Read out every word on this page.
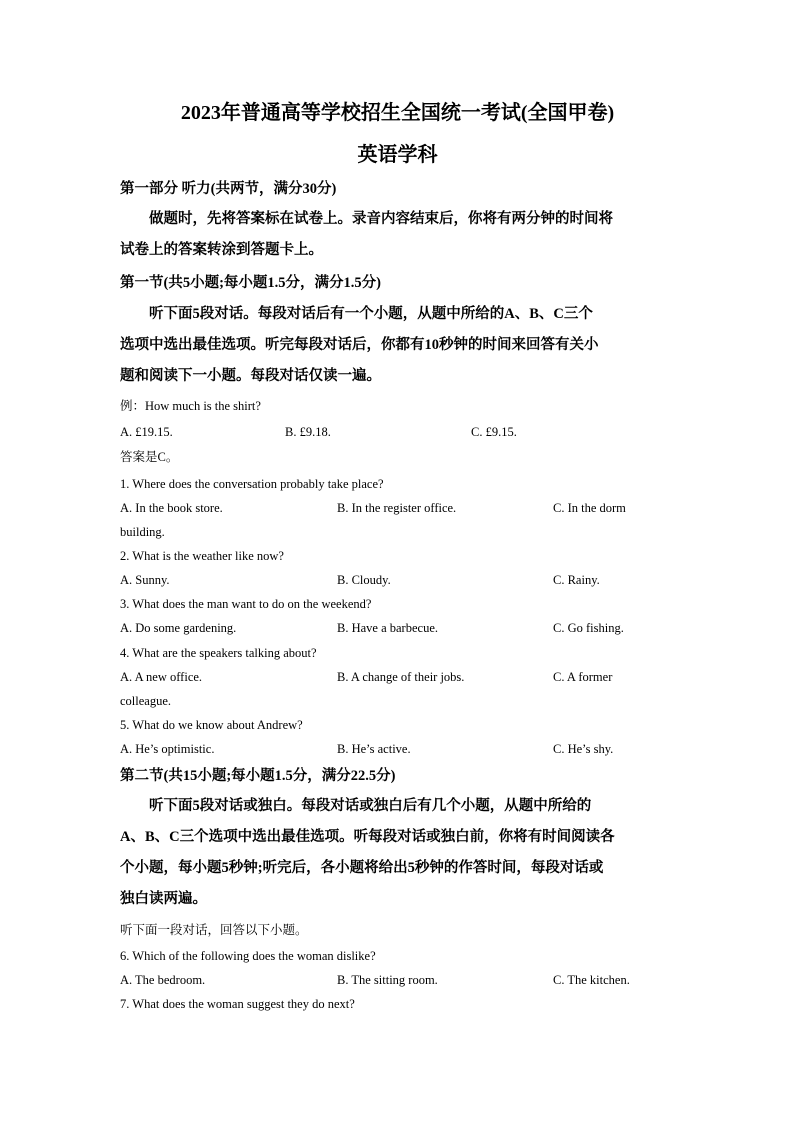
2023年普通高等学校招生全国统一考试(全国甲卷)
英语学科
第一部分 听力(共两节，满分30分)
做题时，先将答案标在试卷上。录音内容结束后，你将有两分钟的时间将
试卷上的答案转涂到答题卡上。
第一节(共5小题;每小题1.5分，满分1.5分)
听下面5段对话。每段对话后有一个小题，从题中所给的A、B、C三个
选项中选出最佳选项。听完每段对话后，你都有10秒钟的时间来回答有关小
题和阅读下一小题。每段对话仅读一遍。
例：How much is the shirt?
A. £19.15.	B. £9.18.	C. £9.15.
答案是C。
1. Where does the conversation probably take place?
A. In the book store.	B. In the register office.	C. In the dorm
building.
2. What is the weather like now?
A. Sunny.	B. Cloudy.	C. Rainy.
3. What does the man want to do on the weekend?
A. Do some gardening.	B. Have a barbecue.	C. Go fishing.
4. What are the speakers talking about?
A. A new office.	B. A change of their jobs.	C. A former
colleague.
5. What do we know about Andrew?
A. He’s optimistic.	B. He’s active.	C. He’s shy.
第二节(共15小题;每小题1.5分，满分22.5分)
听下面5段对话或独白。每段对话或独白后有几个小题，从题中所给的
A、B、C三个选项中选出最佳选项。听每段对话或独白前，你将有时间阅读各
个小题，每小题5秒钟;听完后，各小题将给出5秒钟的作答时间，每段对话或
独白读两遍。
听下面一段对话，回答以下小题。
6. Which of the following does the woman dislike?
A. The bedroom.	B. The sitting room.	C. The kitchen.
7. What does the woman suggest they do next?
